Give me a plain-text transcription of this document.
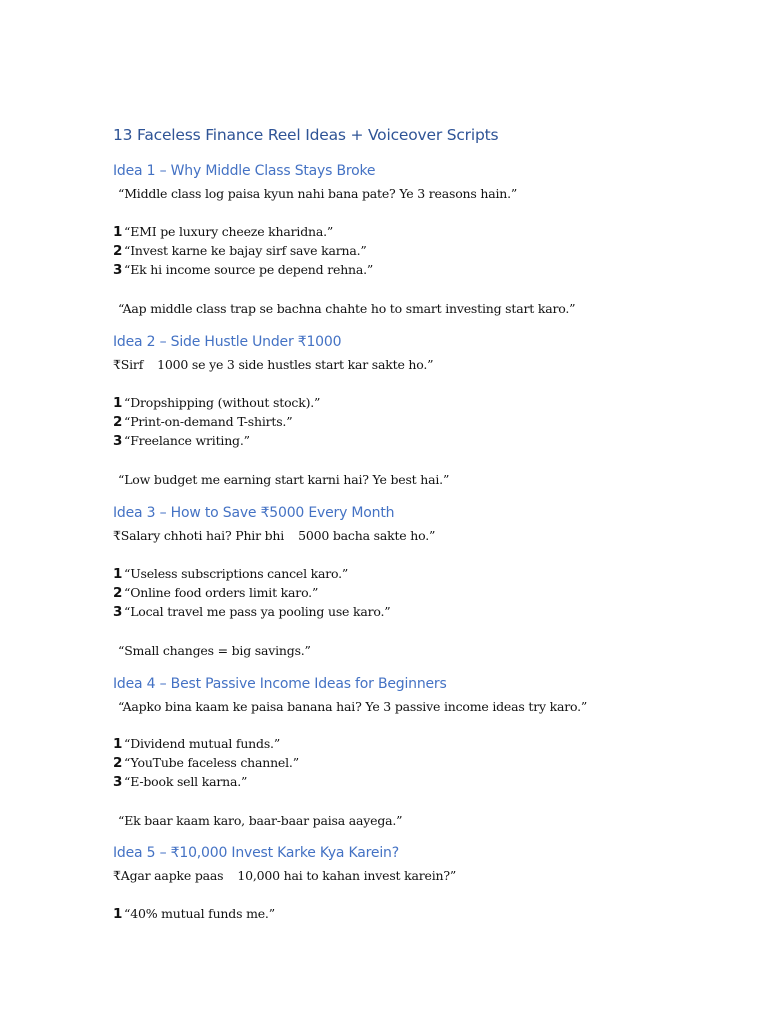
13 Faceless Finance Reel Ideas + Voiceover Scripts
Idea 1 – Why Middle Class Stays Broke
“Middle class log paisa kyun nahi bana pate? Ye 3 reasons hain.”
1 “EMI pe luxury cheeze kharidna.”
2 “Invest karne ke bajay sirf save karna.”
3 “Ek hi income source pe depend rehna.”
“Aap middle class trap se bachna chahte ho to smart investing start karo.”
Idea 2 – Side Hustle Under ₹1000
₹Sirf 1000 se ye 3 side hustles start kar sakte ho.”
1 “Dropshipping (without stock).”
2 “Print-on-demand T-shirts.”
3 “Freelance writing.”
“Low budget me earning start karni hai? Ye best hai.”
Idea 3 – How to Save ₹5000 Every Month
₹Salary chhoti hai? Phir bhi 5000 bacha sakte ho.”
1 “Useless subscriptions cancel karo.”
2 “Online food orders limit karo.”
3 “Local travel me pass ya pooling use karo.”
“Small changes = big savings.”
Idea 4 – Best Passive Income Ideas for Beginners
“Aapko bina kaam ke paisa banana hai? Ye 3 passive income ideas try karo.”
1 “Dividend mutual funds.”
2 “YouTube faceless channel.”
3 “E-book sell karna.”
“Ek baar kaam karo, baar-baar paisa aayega.”
Idea 5 – ₹10,000 Invest Karke Kya Karein?
₹Agar aapke paas 10,000 hai to kahan invest karein?”
1 “40% mutual funds me.”
